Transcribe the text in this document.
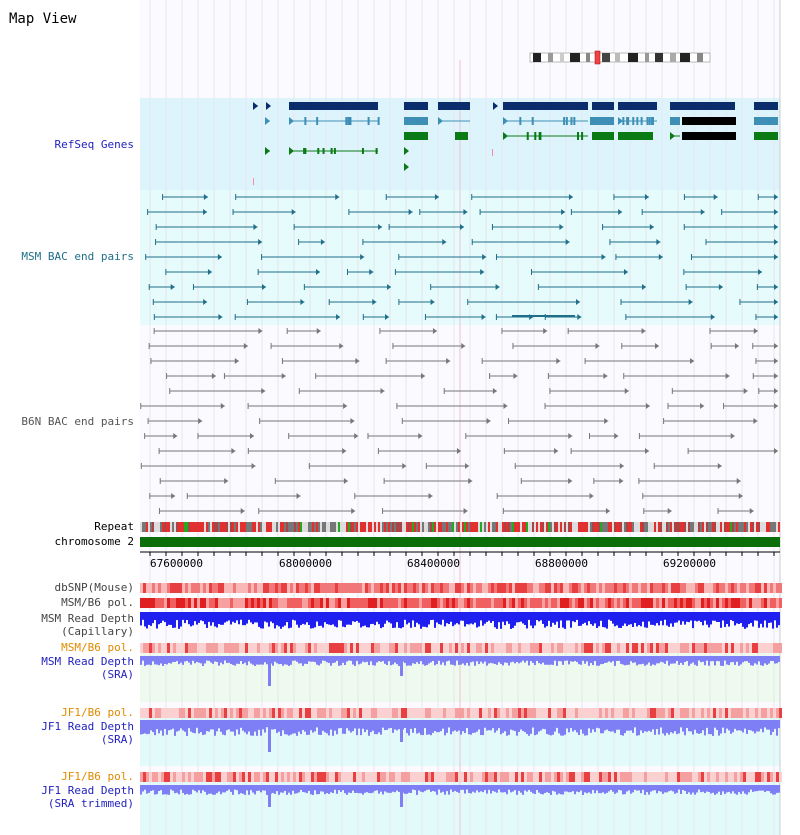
Map View
RefSeq Genes
MSM BAC end pairs
B6N BAC end pairs
Repeat
chromosome 2
dbSNP(Mouse)
MSM/B6 pol.
MSM Read Depth
(Capillary)
MSM/B6 pol.
MSM Read Depth
(SRA)
JF1/B6 pol.
JF1 Read Depth
(SRA)
JF1/B6 pol.
JF1 Read Depth
(SRA trimmed)
67600000	68000000	68400000	68800000	69200000
